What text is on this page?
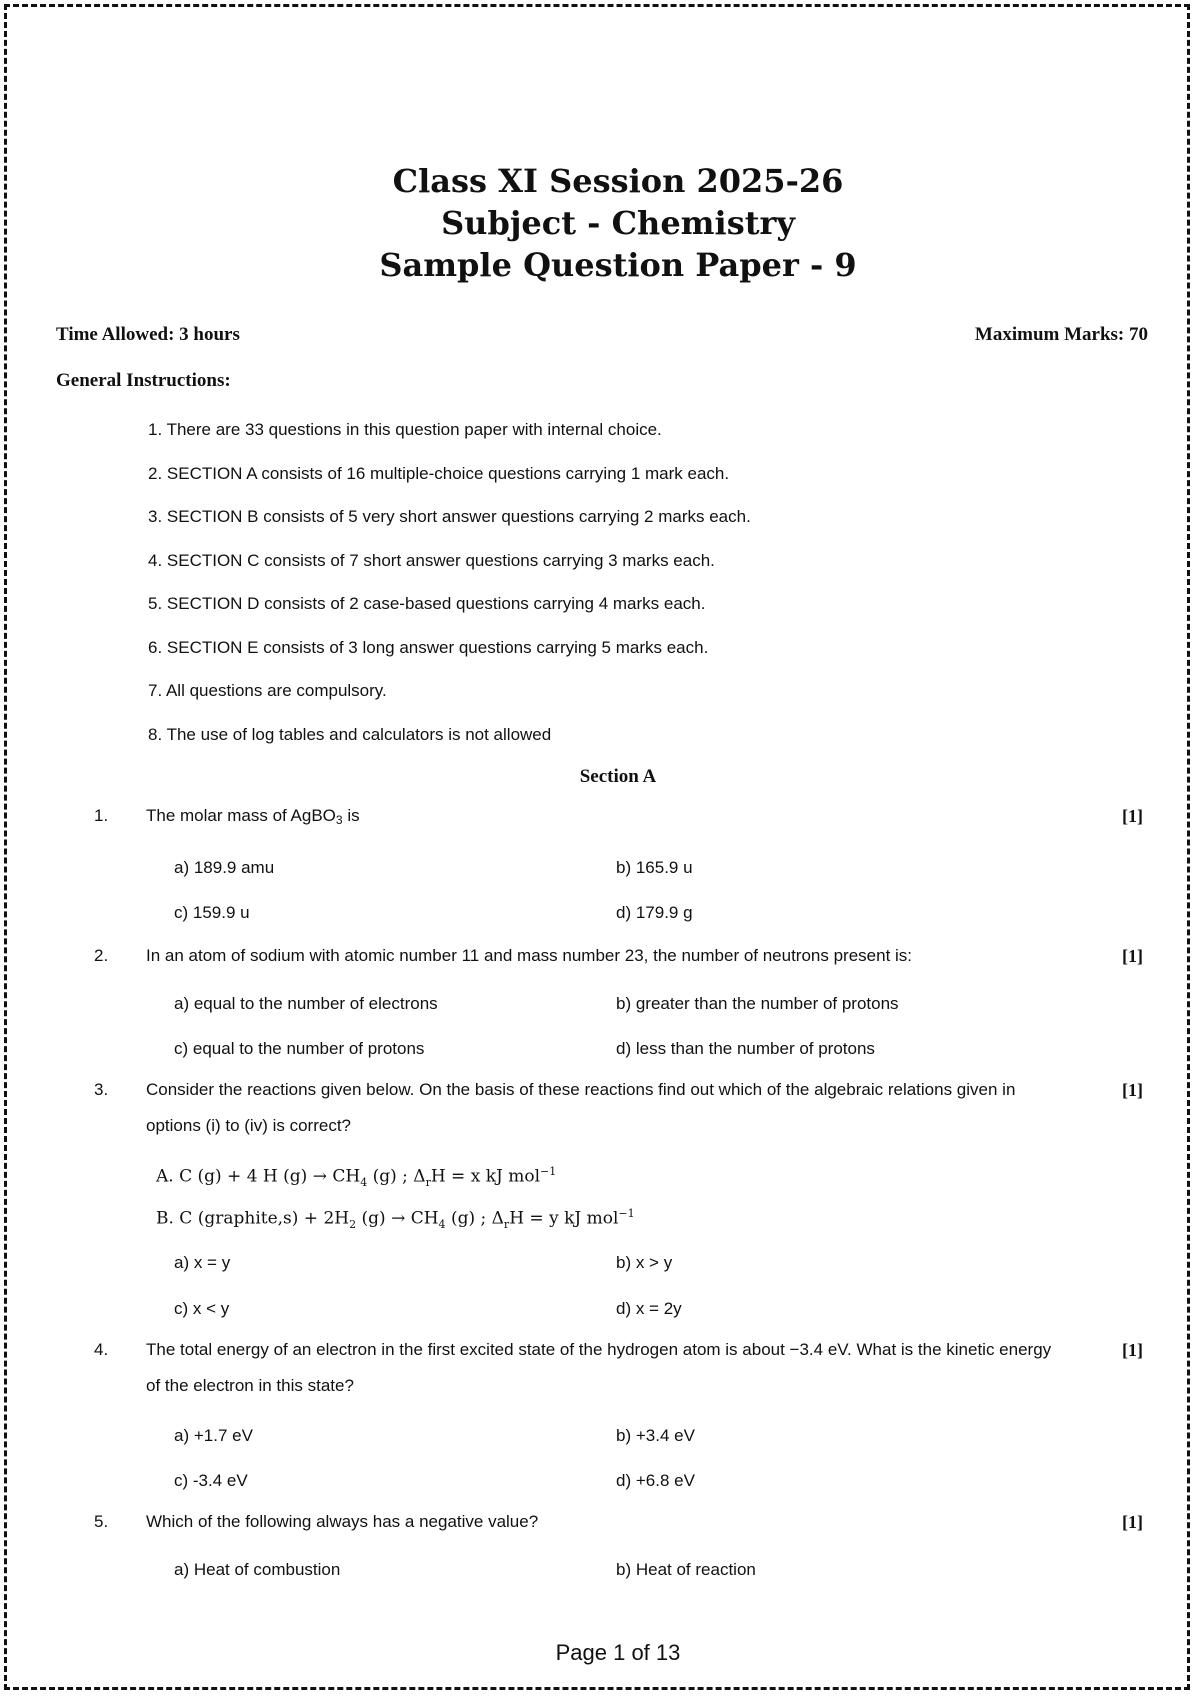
Class XI Session 2025-26
Subject - Chemistry
Sample Question Paper - 9
Time Allowed: 3 hours	Maximum Marks: 70
General Instructions:
1. There are 33 questions in this question paper with internal choice.
2. SECTION A consists of 16 multiple-choice questions carrying 1 mark each.
3. SECTION B consists of 5 very short answer questions carrying 2 marks each.
4. SECTION C consists of 7 short answer questions carrying 3 marks each.
5. SECTION D consists of 2 case-based questions carrying 4 marks each.
6. SECTION E consists of 3 long answer questions carrying 5 marks each.
7. All questions are compulsory.
8. The use of log tables and calculators is not allowed
Section A
1. The molar mass of AgBO$_3$ is	[1]
a) 189.9 amu	b) 165.9 u
c) 159.9 u	d) 179.9 g
2. In an atom of sodium with atomic number 11 and mass number 23, the number of neutrons present is:	[1]
a) equal to the number of electrons	b) greater than the number of protons
c) equal to the number of protons	d) less than the number of protons
3. Consider the reactions given below. On the basis of these reactions find out which of the algebraic relations given in options (i) to (iv) is correct?
[1]
A. C (g) + 4 H $(g) \to CH_4$ (g) ; $\Delta_rH = x$ kJ mol$^{-1}$
B. C (graphite,s) + $2H_2$ $(g) \to CH_4$ (g) ; $\Delta_rH = y$ kJ mol$^{-1}$
a) x = y	b) x > y
c) x < y	d) x = 2y
4. The total energy of an electron in the first excited state of the hydrogen atom is about −3.4 eV. What is the kinetic energy of the electron in this state?
[1]
a) +1.7 eV	b) +3.4 eV
c) -3.4 eV	d) +6.8 eV
5. Which of the following always has a negative value?	[1]
a) Heat of combustion	b) Heat of reaction
Page 1 of 13
